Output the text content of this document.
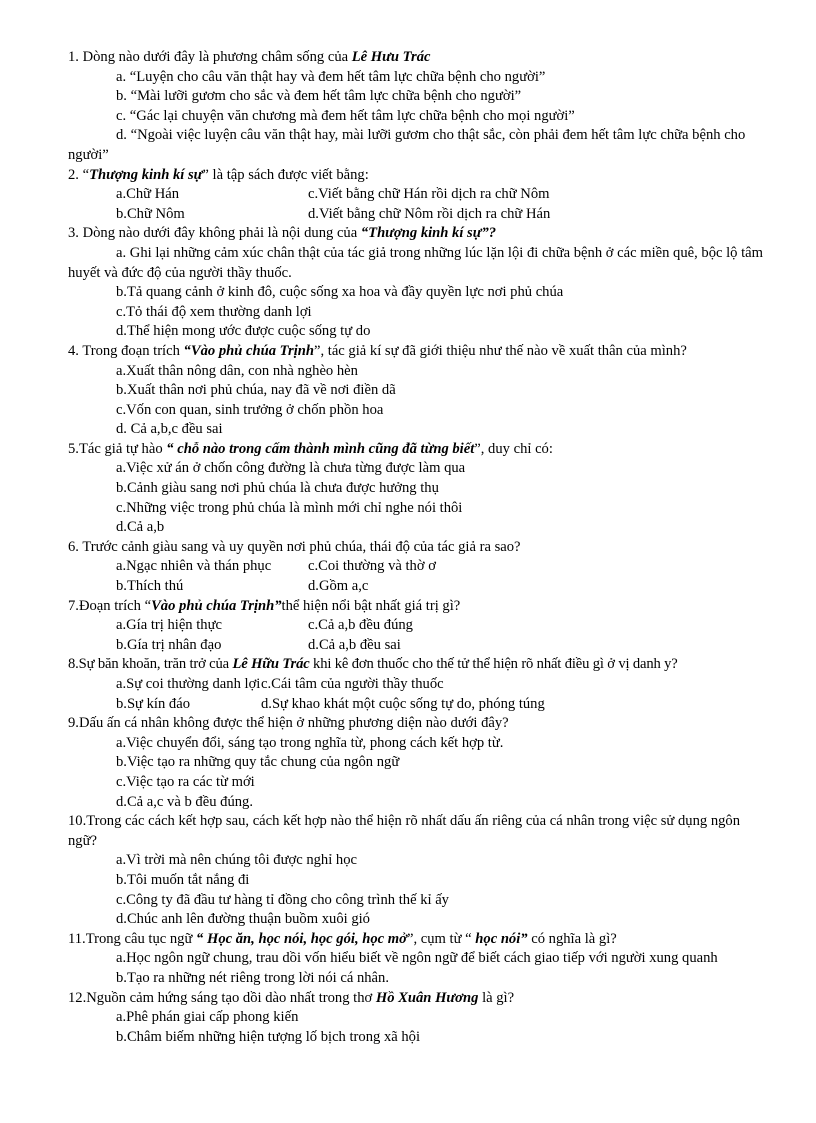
1. Dòng nào dưới đây là phương châm sống của Lê Hưu Trác
a. “Luyện cho câu văn thật hay và đem hết tâm lực chữa bệnh cho người”
b. “Mài lưỡi gươm cho sắc và đem hết tâm lực chữa bệnh cho người”
c. “Gác lại chuyện văn chương mà đem hết tâm lực chữa bệnh cho mọi người”
d. “Ngoài việc luyện câu văn thật hay, mài lưỡi gươm cho thật sắc, còn phải đem hết tâm lực chữa bệnh cho người”
2. “Thượng kinh kí sự” là tập sách được viết bằng:
a.Chữ Hán	c.Viết bằng chữ Hán rồi dịch ra chữ Nôm
b.Chữ Nôm	d.Viết bằng chữ Nôm rồi dịch ra chữ Hán
3. Dòng nào dưới đây không phải là nội dung của “Thượng kinh kí sự”?
a. Ghi lại những cảm xúc chân thật của tác giả trong những lúc lặn lội đi chữa bệnh ở các miền quê, bộc lộ tâm huyết và đức độ của người thầy thuốc.
b.Tả quang cảnh ở kinh đô, cuộc sống xa hoa và đầy quyền lực nơi phủ chúa
c.Tỏ thái độ xem thường danh lợi
d.Thể hiện mong ước được cuộc sống tự do
4. Trong đoạn trích “Vào phủ chúa Trịnh”, tác giả kí sự đã giới thiệu như thế nào về xuất thân của mình?
a.Xuất thân nông dân, con nhà nghèo hèn
b.Xuất thân nơi phủ chúa, nay đã về nơi điền dã
c.Vốn con quan, sinh trưởng ở chốn phồn hoa
d. Cả a,b,c đều sai
5.Tác giả tự hào “ chỗ nào trong cấm thành mình cũng đã từng biết”, duy chỉ có:
a.Việc xử án ở chốn công đường là chưa từng được làm qua
b.Cảnh giàu sang nơi phủ chúa là chưa được hưởng thụ
c.Những việc trong phủ chúa là mình mới chỉ nghe nói thôi
d.Cả a,b
6. Trước cảnh giàu sang và uy quyền nơi phủ chúa, thái độ của tác giả ra sao?
a.Ngạc nhiên và thán phục	c.Coi thường và thờ ơ
b.Thích thú	d.Gồm a,c
7.Đoạn trích “Vào phủ chúa Trịnh”thể hiện nổi bật nhất giá trị gì?
a.Gía trị hiện thực	c.Cả a,b đều đúng
b.Gía trị nhân đạo	d.Cả a,b đều sai
8.Sự băn khoăn, trăn trở của Lê Hữu Trác khi kê đơn thuốc cho thế tử thể hiện rõ nhất điều gì ở vị danh y?
a.Sự coi thường danh lợi c.Cái tâm của người thầy thuốc
b.Sự kín đáo	d.Sự khao khát một cuộc sống tự do, phóng túng
9.Dấu ấn cá nhân không được thể hiện ở những phương diện nào dưới đây?
a.Việc chuyển đổi, sáng tạo trong nghĩa từ, phong cách kết hợp từ.
b.Việc tạo ra những quy tắc chung của ngôn ngữ
c.Việc tạo ra các từ mới
d.Cả a,c và b đều đúng.
10.Trong các cách kết hợp sau, cách kết hợp nào thể hiện rõ nhất dấu ấn riêng của cá nhân trong việc sử dụng ngôn ngữ?
a.Vì trời mà nên chúng tôi được nghỉ học
b.Tôi muốn tắt nắng đi
c.Công ty đã đầu tư hàng tỉ đồng cho công trình thế kỉ ấy
d.Chúc anh lên đường thuận buồm xuôi gió
11.Trong câu tục ngữ “ Học ăn, học nói, học gói, học mở”, cụm từ “ học nói” có nghĩa là gì?
a.Học ngôn ngữ chung, trau dồi vốn hiểu biết về ngôn ngữ để biết cách giao tiếp với người xung quanh
b.Tạo ra những nét riêng trong lời nói cá nhân.
12.Nguồn cảm hứng sáng tạo dồi dào nhất trong thơ Hồ Xuân Hương là gì?
a.Phê phán giai cấp phong kiến
b.Châm biếm những hiện tượng lố bịch trong xã hội
